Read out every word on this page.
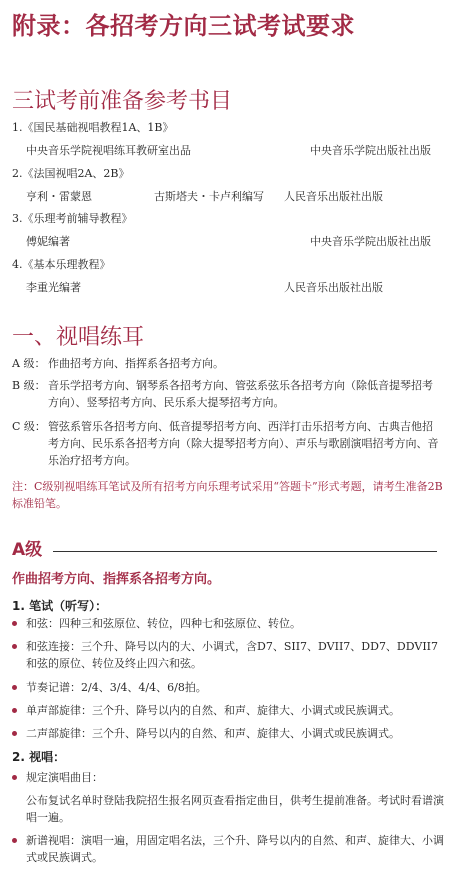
附录：各招考方向三试考试要求
三试考前准备参考书目
1.《国民基础视唱教程1A、1B》
中央音乐学院视唱练耳教研室出品	中央音乐学院出版社出版
2.《法国视唱2A、2B》
亨利・雷蒙恩	古斯塔夫・卡卢利编写 人民音乐出版社出版
3.《乐理考前辅导教程》
傅妮编著	中央音乐学院出版社出版
4.《基本乐理教程》
李重光编著	人民音乐出版社出版
一、视唱练耳
A 级： 作曲招考方向、指挥系各招考方向。
B 级： 音乐学招考方向、钢琴系各招考方向、管弦系弦乐各招考方向（除低音提琴招考方向）、竖琴招考方向、民乐系大提琴招考方向。
C 级： 管弦系管乐各招考方向、低音提琴招考方向、西洋打击乐招考方向、古典吉他招考方向、民乐系各招考方向（除大提琴招考方向）、声乐与歌剧演唱招考方向、音乐治疗招考方向。
注：C级别视唱练耳笔试及所有招考方向乐理考试采用“答题卡”形式考题，请考生准备2B标准铅笔。
A级
作曲招考方向、指挥系各招考方向。
1. 笔试（听写）：
和弦：四种三和弦原位、转位，四种七和弦原位、转位。
和弦连接：三个升、降号以内的大、小调式，含D7、SII7、DVII7、DD7、DDVII7和弦的原位、转位及终止四六和弦。
节奏记谱：2/4、3/4、4/4、6/8拍。
单声部旋律：三个升、降号以内的自然、和声、旋律大、小调式或民族调式。
二声部旋律：三个升、降号以内的自然、和声、旋律大、小调式或民族调式。
2. 视唱：
规定演唱曲目：
公布复试名单时登陆我院招生报名网页查看指定曲目，供考生提前准备。考试时看谱演唱一遍。
新谱视唱：演唱一遍，用固定唱名法，三个升、降号以内的自然、和声、旋律大、小调式或民族调式。
